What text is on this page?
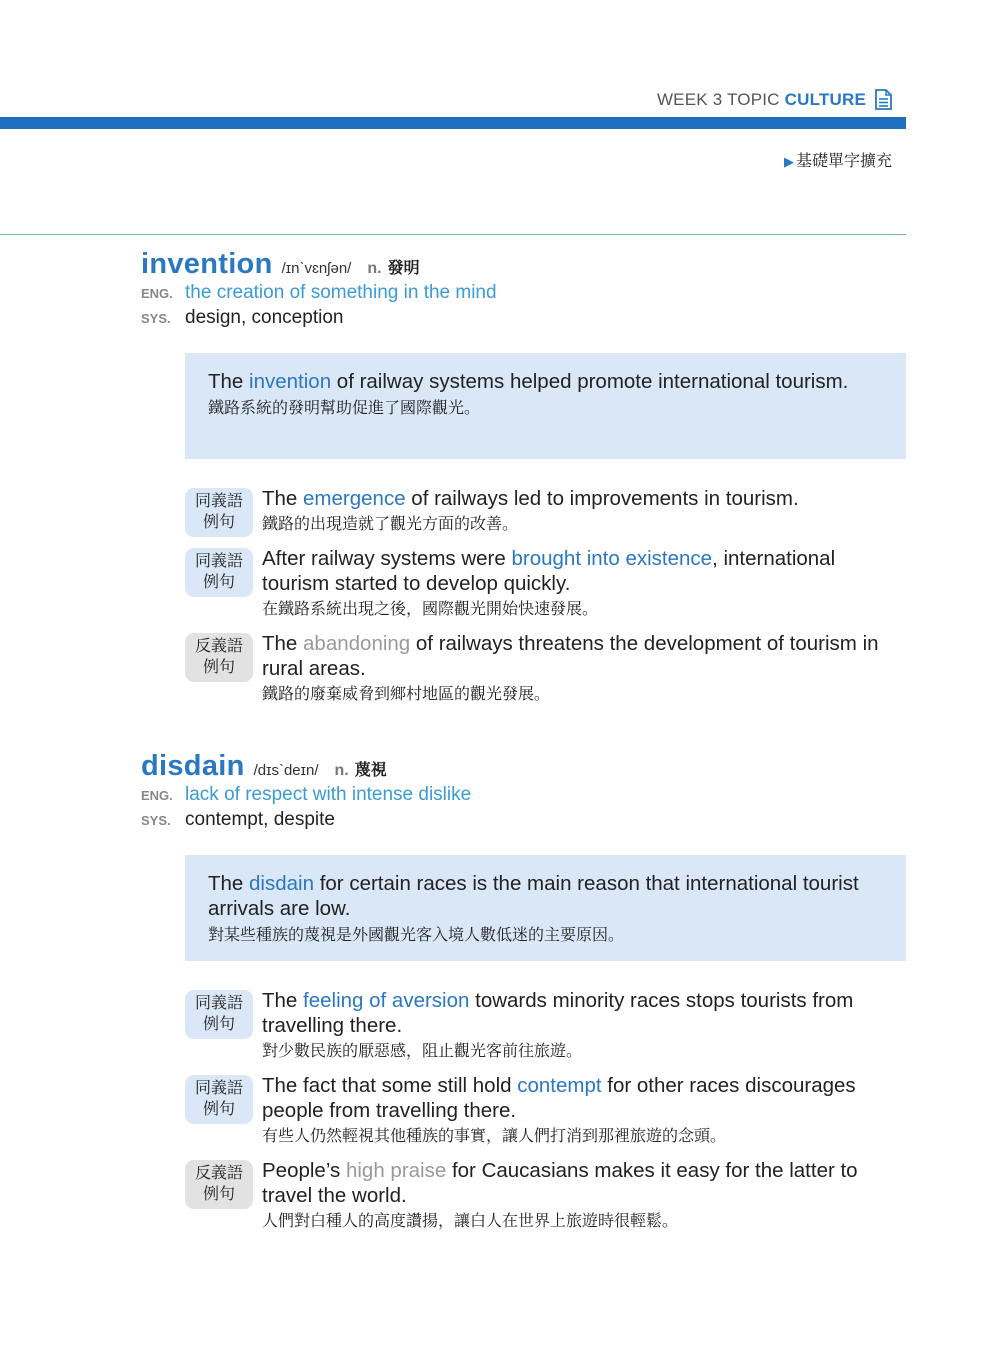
WEEK 3 TOPIC CULTURE
▶ 基礎單字擴充
invention /ɪnˋvɛnʃən/ n. 發明
ENG. the creation of something in the mind
SYS. design, conception
The invention of railway systems helped promote international tourism.
鐵路系統的發明幫助促進了國際觀光。
同義語
例句
The emergence of railways led to improvements in tourism.
鐵路的出現造就了觀光方面的改善。
同義語
例句
After railway systems were brought into existence, international tourism started to develop quickly.
在鐵路系統出現之後，國際觀光開始快速發展。
反義語
例句
The abandoning of railways threatens the development of tourism in rural areas.
鐵路的廢棄威脅到鄉村地區的觀光發展。
disdain /dɪsˋdeɪn/ n. 蔑視
ENG. lack of respect with intense dislike
SYS. contempt, despite
The disdain for certain races is the main reason that international tourist arrivals are low.
對某些種族的蔑視是外國觀光客入境人數低迷的主要原因。
同義語
例句
The feeling of aversion towards minority races stops tourists from travelling there.
對少數民族的厭惡感，阻止觀光客前往旅遊。
同義語
例句
The fact that some still hold contempt for other races discourages people from travelling there.
有些人仍然輕視其他種族的事實，讓人們打消到那裡旅遊的念頭。
反義語
例句
People’s high praise for Caucasians makes it easy for the latter to travel the world.
人們對白種人的高度讚揚，讓白人在世界上旅遊時很輕鬆。
